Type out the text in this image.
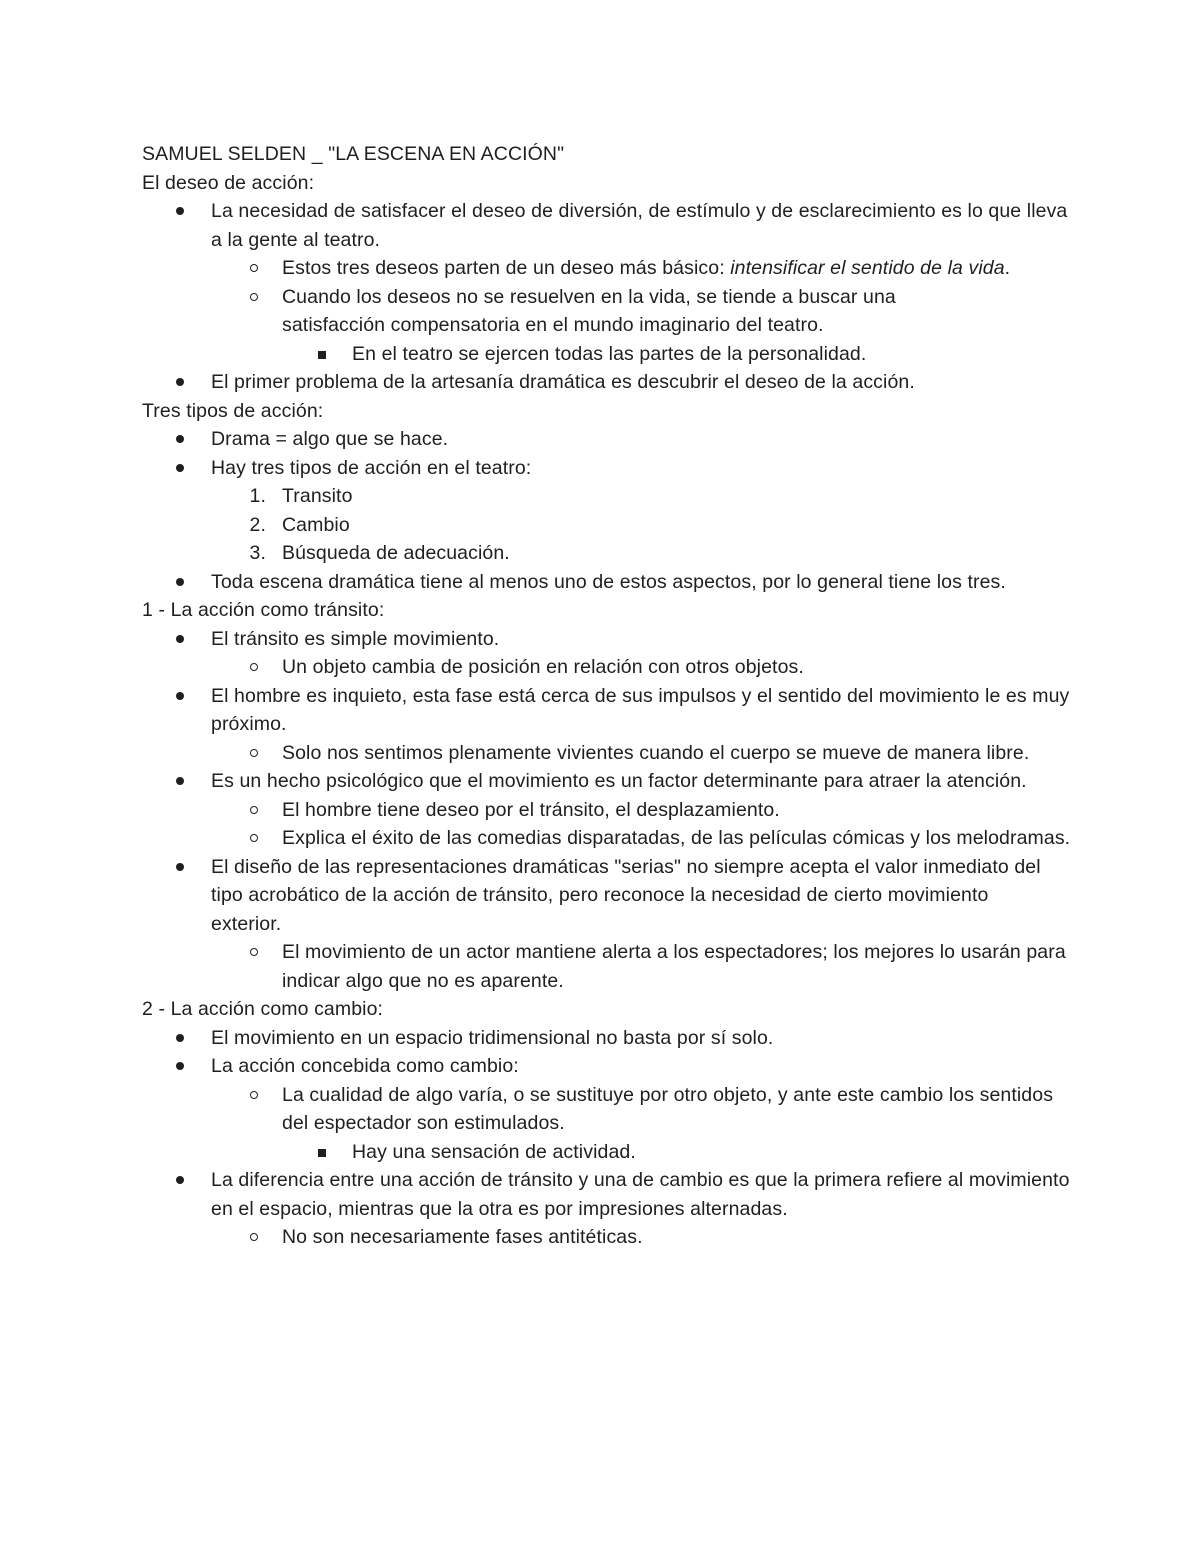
SAMUEL SELDEN _ "LA ESCENA EN ACCIÓN"
El deseo de acción:
La necesidad de satisfacer el deseo de diversión, de estímulo y de esclarecimiento es lo que lleva a la gente al teatro.
Estos tres deseos parten de un deseo más básico: intensificar el sentido de la vida.
Cuando los deseos no se resuelven en la vida, se tiende a buscar una satisfacción compensatoria en el mundo imaginario del teatro.
En el teatro se ejercen todas las partes de la personalidad.
El primer problema de la artesanía dramática es descubrir el deseo de la acción.
Tres tipos de acción:
Drama = algo que se hace.
Hay tres tipos de acción en el teatro:
1. Transito
2. Cambio
3. Búsqueda de adecuación.
Toda escena dramática tiene al menos uno de estos aspectos, por lo general tiene los tres.
1 - La acción como tránsito:
El tránsito es simple movimiento.
Un objeto cambia de posición en relación con otros objetos.
El hombre es inquieto, esta fase está cerca de sus impulsos y el sentido del movimiento le es muy próximo.
Solo nos sentimos plenamente vivientes cuando el cuerpo se mueve de manera libre.
Es un hecho psicológico que el movimiento es un factor determinante para atraer la atención.
El hombre tiene deseo por el tránsito, el desplazamiento.
Explica el éxito de las comedias disparatadas, de las películas cómicas y los melodramas.
El diseño de las representaciones dramáticas "serias" no siempre acepta el valor inmediato del tipo acrobático de la acción de tránsito, pero reconoce la necesidad de cierto movimiento exterior.
El movimiento de un actor mantiene alerta a los espectadores; los mejores lo usarán para indicar algo que no es aparente.
2 - La acción como cambio:
El movimiento en un espacio tridimensional no basta por sí solo.
La acción concebida como cambio:
La cualidad de algo varía, o se sustituye por otro objeto, y ante este cambio los sentidos del espectador son estimulados.
Hay una sensación de actividad.
La diferencia entre una acción de tránsito y una de cambio es que la primera refiere al movimiento en el espacio, mientras que la otra es por impresiones alternadas.
No son necesariamente fases antitéticas.
